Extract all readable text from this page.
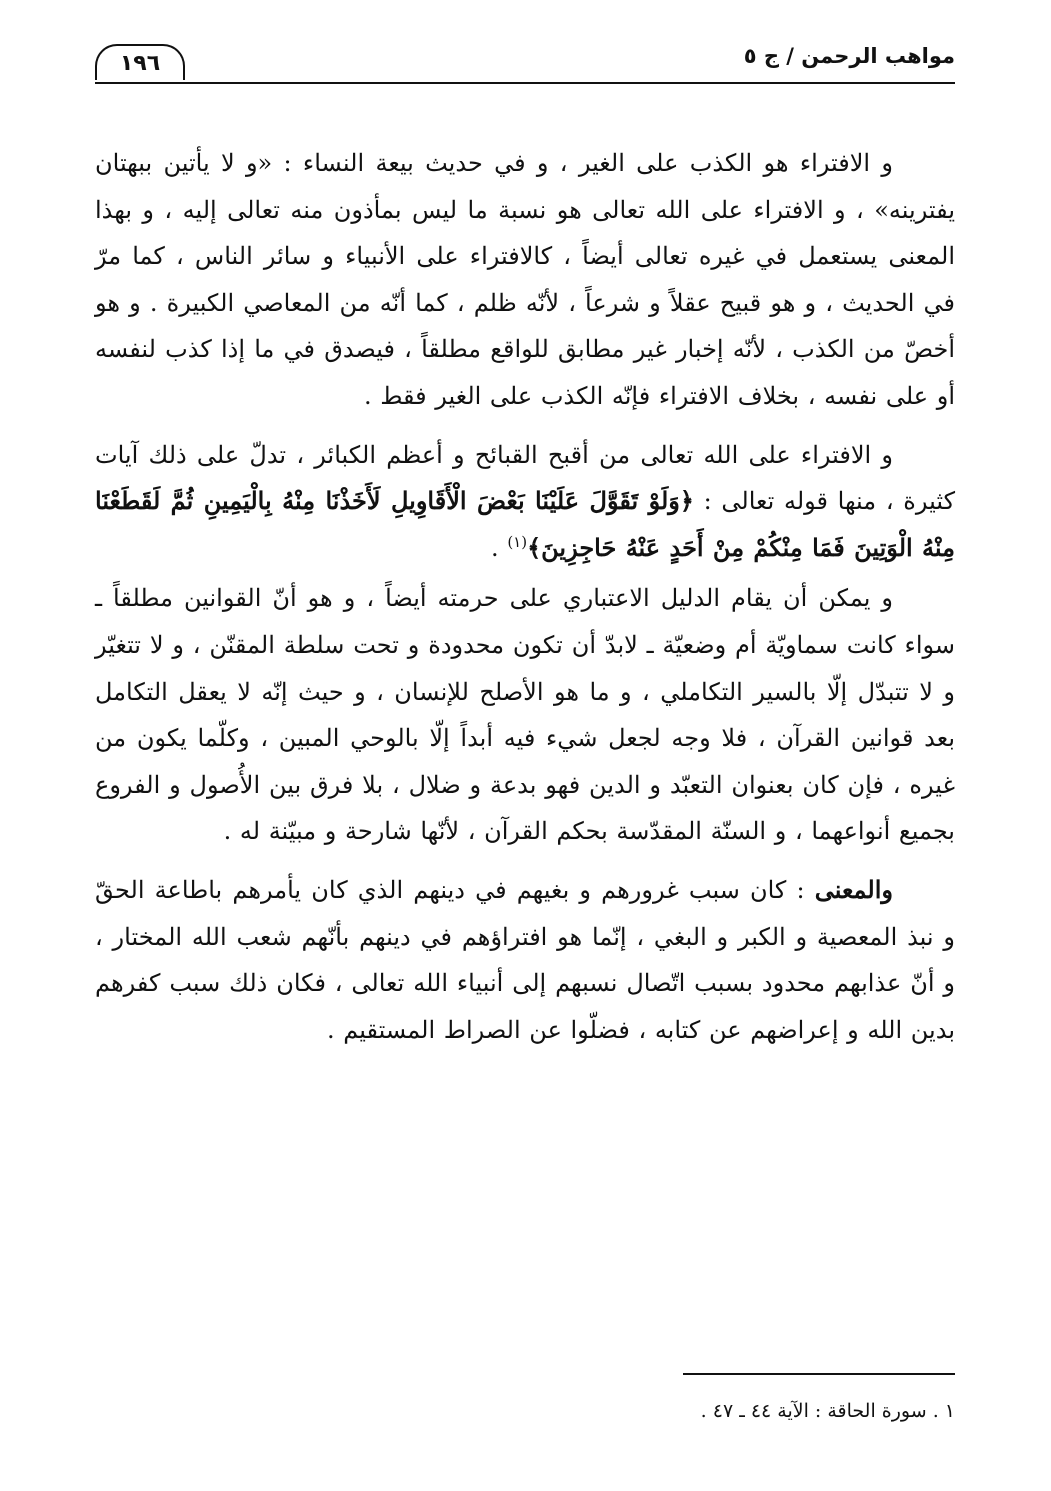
مواهب الرحمن / ج ٥
١٩٦

و الافتراء هو الكذب على الغير ، و في حديث بيعة النساء : «و لا يأتين ببهتان يفترينه» ، و الافتراء على الله تعالى هو نسبة ما ليس بمأذون منه تعالى إليه ، و بهذا المعنى يستعمل في غيره تعالى أيضاً ، كالافتراء على الأنبياء و سائر الناس ، كما مرّ في الحديث ، و هو قبيح عقلاً و شرعاً ، لأنّه ظلم ، كما أنّه من المعاصي الكبيرة . و هو أخصّ من الكذب ، لأنّه إخبار غير مطابق للواقع مطلقاً ، فيصدق في ما إذا كذب لنفسه أو على نفسه ، بخلاف الافتراء فإنّه الكذب على الغير فقط .

و الافتراء على الله تعالى من أقبح القبائح و أعظم الكبائر ، تدلّ على ذلك آيات كثيرة ، منها قوله تعالى : ﴿وَلَوْ تَقَوَّلَ عَلَيْنَا بَعْضَ الْأَقَاوِيلِ لَأَخَذْنَا مِنْهُ بِالْيَمِينِ ثُمَّ لَقَطَعْنَا مِنْهُ الْوَتِينَ فَمَا مِنْكُمْ مِنْ أَحَدٍ عَنْهُ حَاجِزِينَ﴾$^{(١)}$ .

و يمكن أن يقام الدليل الاعتباري على حرمته أيضاً ، و هو أنّ القوانين مطلقاً ـ سواء كانت سماويّة أم وضعيّة ـ لابدّ أن تكون محدودة و تحت سلطة المقنّن ، و لا تتغيّر و لا تتبدّل إلّا بالسير التكاملي ، و ما هو الأصلح للإنسان ، و حيث إنّه لا يعقل التكامل بعد قوانين القرآن ، فلا وجه لجعل شيء فيه أبداً إلّا بالوحي المبين ، وكلّما يكون من غيره ، فإن كان بعنوان التعبّد و الدين فهو بدعة و ضلال ، بلا فرق بين الأُصول و الفروع بجميع أنواعهما ، و السنّة المقدّسة بحكم القرآن ، لأنّها شارحة و مبيّنة له .

والمعنى : كان سبب غرورهم و بغيهم في دينهم الذي كان يأمرهم باطاعة الحقّ و نبذ المعصية و الكبر و البغي ، إنّما هو افتراؤهم في دينهم بأنّهم شعب الله المختار ، و أنّ عذابهم محدود بسبب اتّصال نسبهم إلى أنبياء الله تعالى ، فكان ذلك سبب كفرهم بدين الله و إعراضهم عن كتابه ، فضلّوا عن الصراط المستقيم .

١ . سورة الحاقة : الآية ٤٤ ـ ٤٧ .
